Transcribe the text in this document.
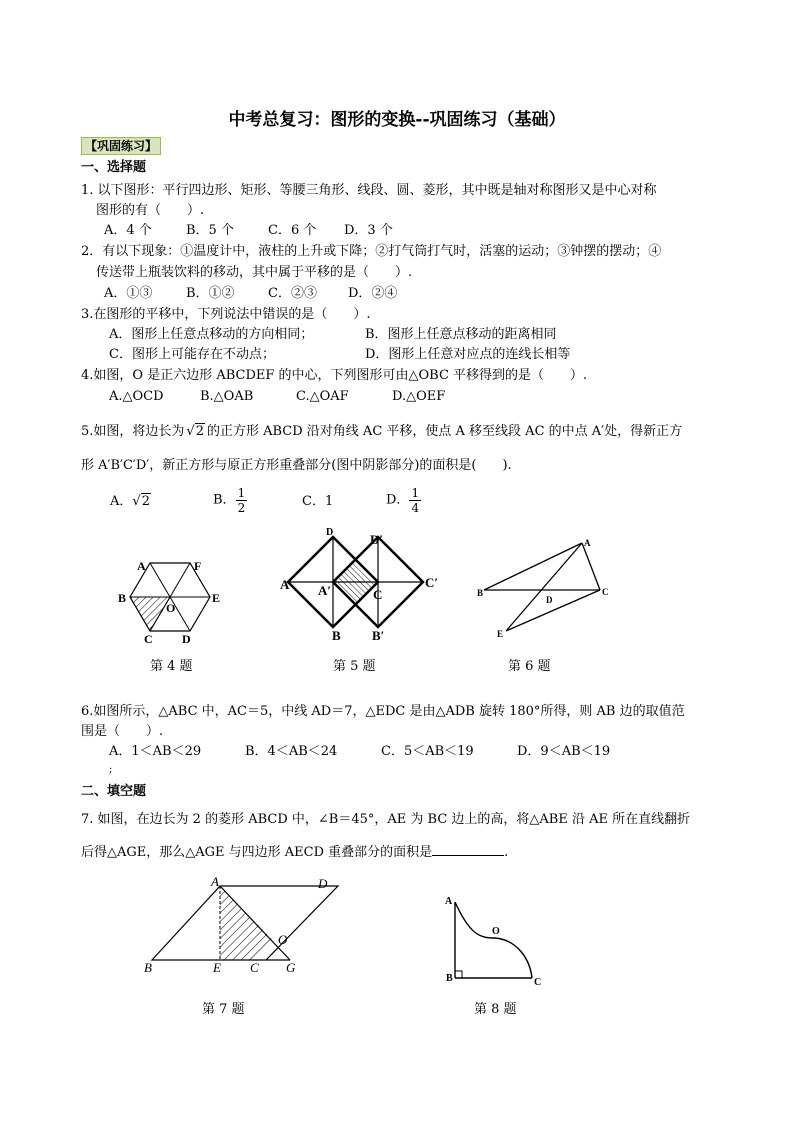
中考总复习：图形的变换--巩固练习（基础）
【巩固练习】
一、选择题
1. 以下图形：平行四边形、矩形、等腰三角形、线段、圆、菱形，其中既是轴对称图形又是中心对称
图形的有（　　）.
A．4 个	B．5 个	C．6 个 D．3 个
2．有以下现象：①温度计中，液柱的上升或下降；②打气筒打气时，活塞的运动；③钟摆的摆动；④
传送带上瓶装饮料的移动，其中属于平移的是（　　）.
A．①③	B．①②	C．②③ D．②④
3.在图形的平移中，下列说法中错误的是（　　）.
A．图形上任意点移动的方向相同；	B．图形上任意点移动的距离相同
C．图形上可能存在不动点；	D．图形上任意对应点的连线长相等
4.如图，O 是正六边形 ABCDEF 的中心，下列图形可由△OBC 平移得到的是（　　）.
A.△OCD	B.△OAB	C.△OAF	D.△OEF
5.如图，将边长为 √2 的正方形 ABCD 沿对角线 AC 平移，使点 A 移至线段 AC 的中点 A′处，得新正方
形 A′B′C′D′，新正方形与原正方形重叠部分(图中阴影部分)的面积是(　　).
A．√2	B． $\frac{1}{2}$	C．1	D． $\frac{1}{4}$
A	F
B
O
E
C D
第 4 题
D	D′
A A′	C
C′
B B′
第 5 题
A
B
D
C
E
第 6 题
6.如图所示，△ABC 中，AC＝5，中线 AD＝7，△EDC 是由△ADB 旋转 180°所得，则 AB 边的取值范
围是（　　）.
A．1＜AB＜29	B．4＜AB＜24	C．5＜AB＜19	D．9＜AB＜19
;
二、填空题
7. 如图，在边长为 2 的菱形 ABCD 中，∠B＝45°，AE 为 BC 边上的高，将△ABE 沿 AE 所在直线翻折
后得△AGE，那么△AGE 与四边形 AECD 重叠部分的面积是	.
A	D
O
B	E C G
第 7 题
A
O
B	C
第 8 题
